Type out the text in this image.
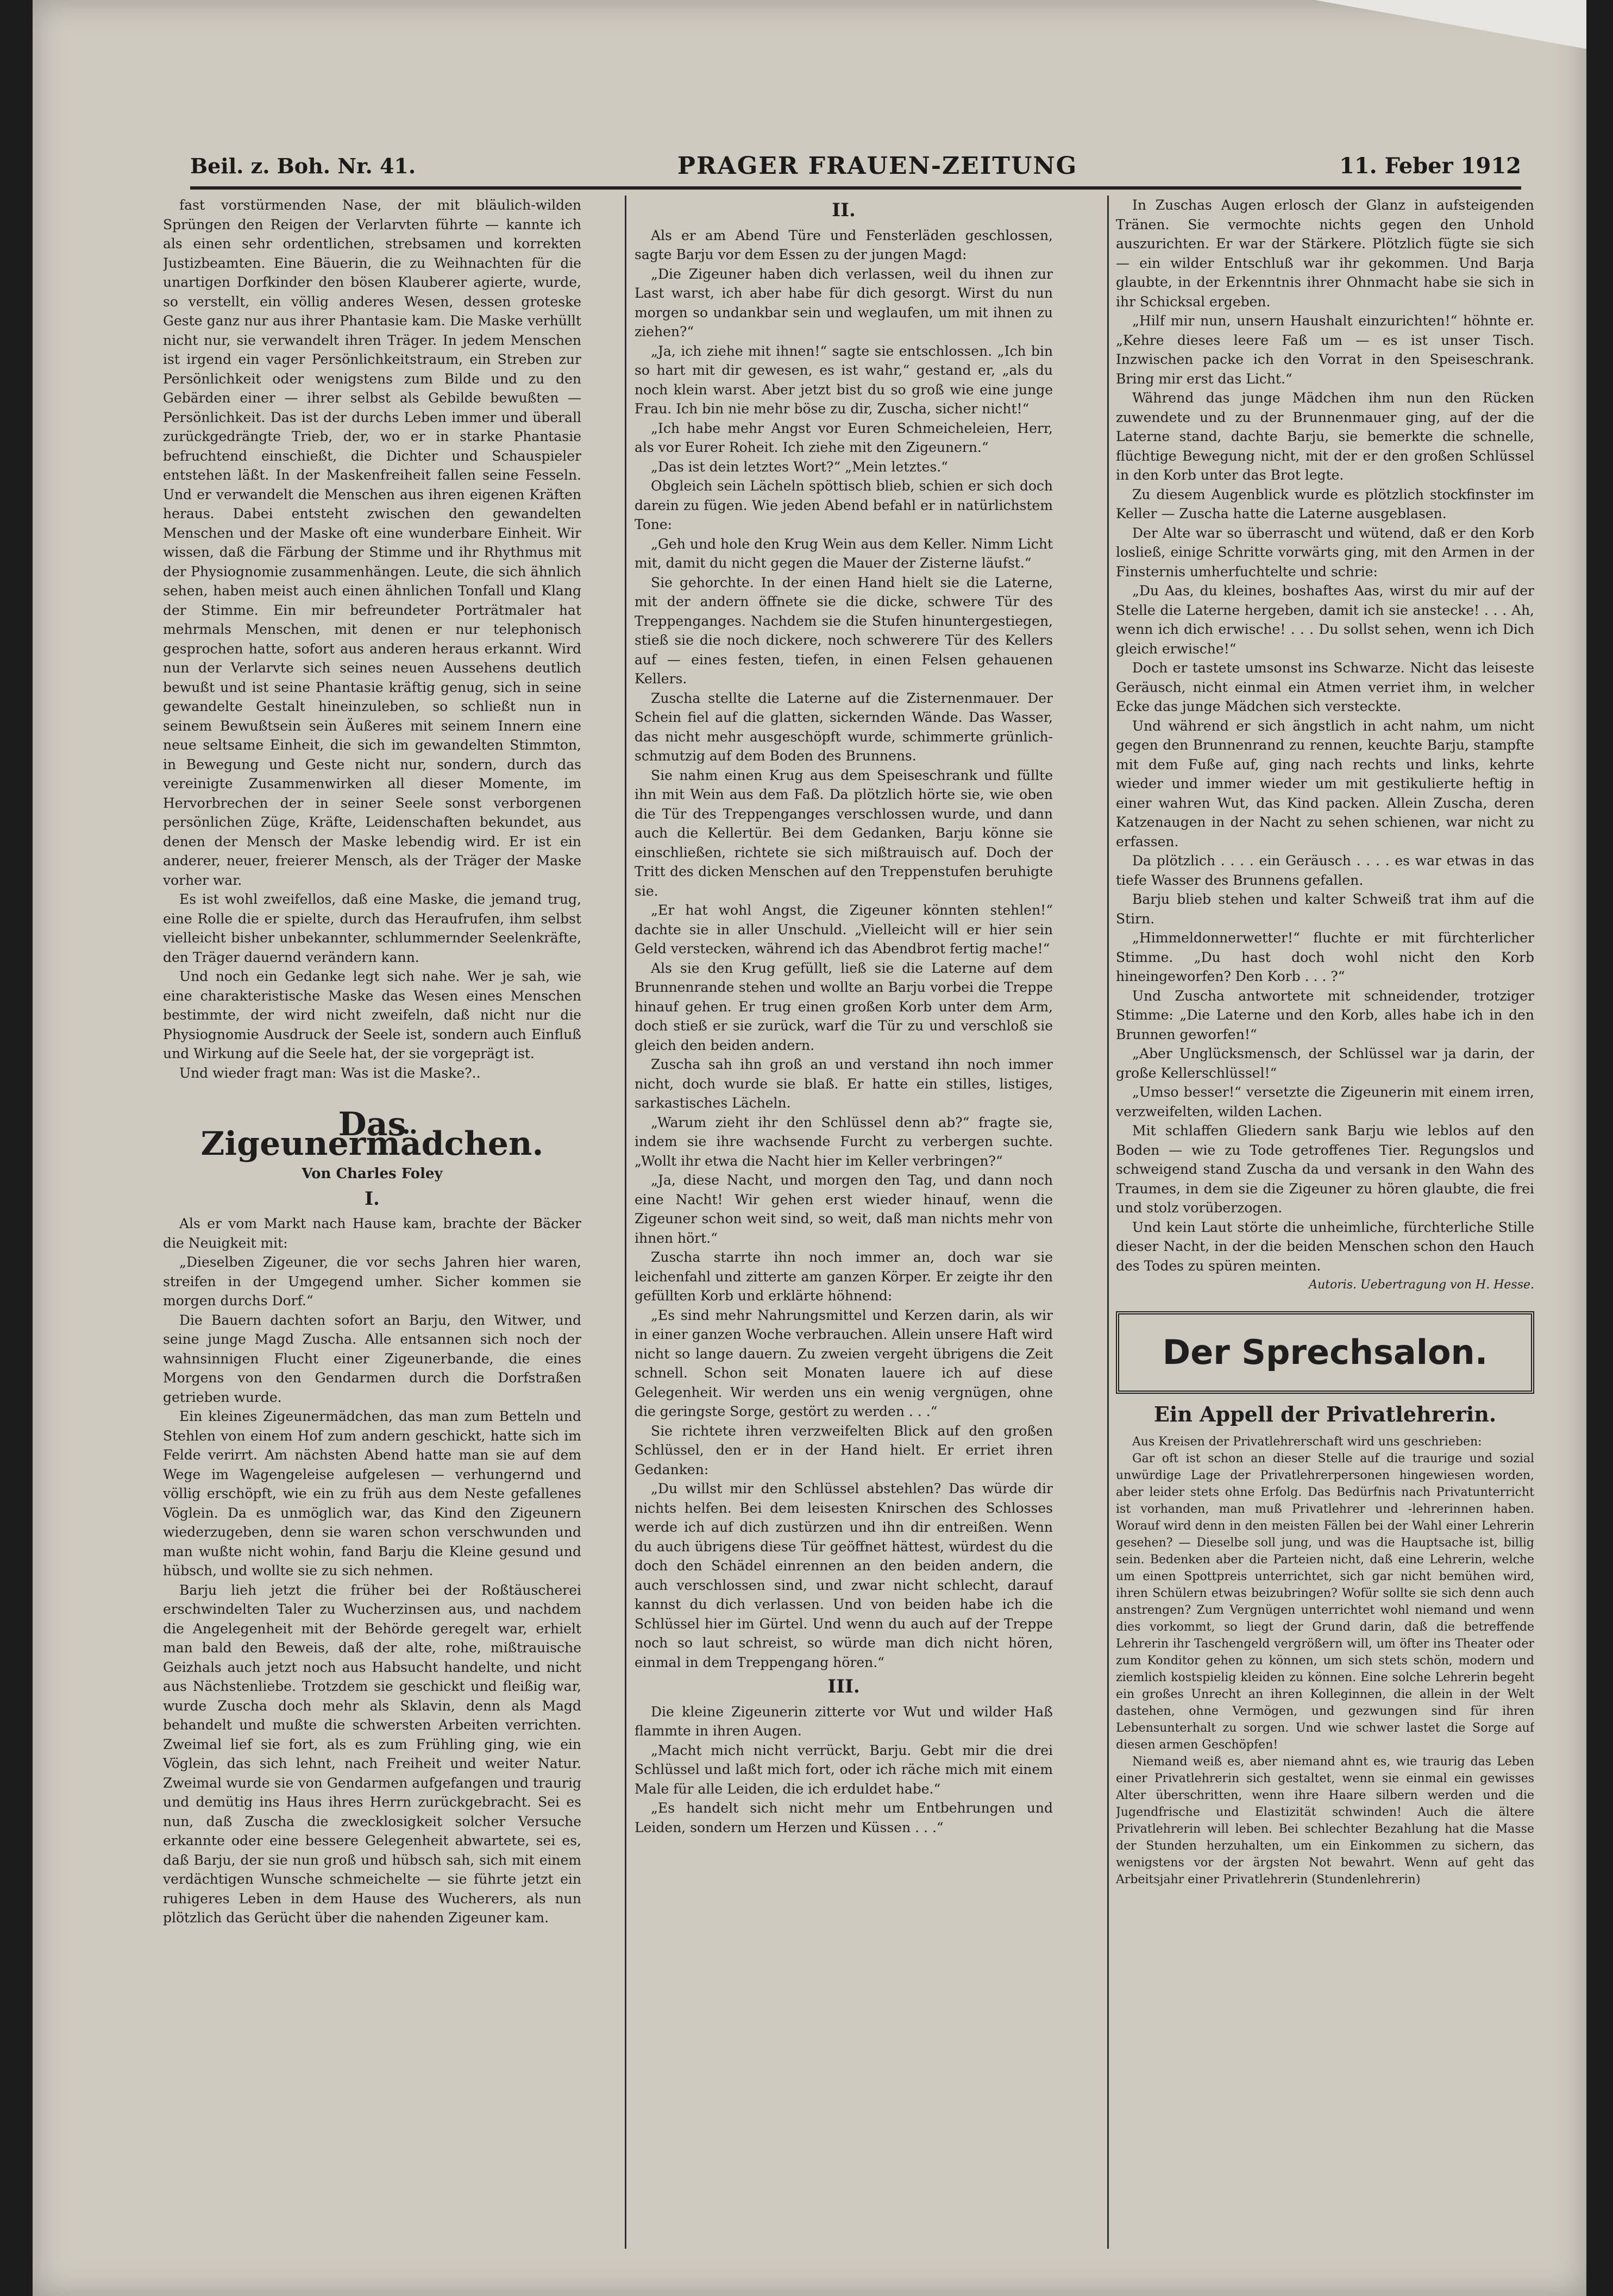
Beil. z. Boh. Nr. 41.	PRAGER FRAUEN-ZEITUNG	11. Feber 1912

fast vorstürmenden Nase, der mit bläulich-wilden Sprüngen den Reigen der Verlarvten führte — kannte ich als einen sehr ordentlichen, strebsamen und korrekten Justizbeamten. Eine Bäuerin, die zu Weihnachten für die unartigen Dorfkinder den bösen Klauberer agierte, wurde, so verstellt, ein völlig anderes Wesen, dessen groteske Geste ganz nur aus ihrer Phantasie kam. Die Maske verhüllt nicht nur, sie verwandelt ihren Träger. In jedem Menschen ist irgend ein vager Persönlichkeitstraum, ein Streben zur Persönlichkeit oder wenigstens zum Bilde und zu den Gebärden einer — ihrer selbst als Gebilde bewußten — Persönlichkeit. Das ist der durchs Leben immer und überall zurückgedrängte Trieb, der, wo er in starke Phantasie befruchtend einschießt, die Dichter und Schauspieler entstehen läßt. In der Maskenfreiheit fallen seine Fesseln. Und er verwandelt die Menschen aus ihren eigenen Kräften heraus. Dabei entsteht zwischen den gewandelten Menschen und der Maske oft eine wunderbare Einheit. Wir wissen, daß die Färbung der Stimme und ihr Rhythmus mit der Physiognomie zusammenhängen. Leute, die sich ähnlich sehen, haben meist auch einen ähnlichen Tonfall und Klang der Stimme. Ein mir befreundeter Porträtmaler hat mehrmals Menschen, mit denen er nur telephonisch gesprochen hatte, sofort aus anderen heraus erkannt. Wird nun der Verlarvte sich seines neuen Aussehens deutlich bewußt und ist seine Phantasie kräftig genug, sich in seine gewandelte Gestalt hineinzuleben, so schließt nun in seinem Bewußtsein sein Äußeres mit seinem Innern eine neue seltsame Einheit, die sich im gewandelten Stimmton, in Bewegung und Geste nicht nur, sondern, durch das vereinigte Zusammenwirken all dieser Momente, im Hervorbrechen der in seiner Seele sonst verborgenen persönlichen Züge, Kräfte, Leidenschaften bekundet, aus denen der Mensch der Maske lebendig wird. Er ist ein anderer, neuer, freierer Mensch, als der Träger der Maske vorher war.

Es ist wohl zweifellos, daß eine Maske, die jemand trug, eine Rolle die er spielte, durch das Heraufrufen, ihm selbst vielleicht bisher unbekannter, schlummernder Seelenkräfte, den Träger dauernd verändern kann.

Und noch ein Gedanke legt sich nahe. Wer je sah, wie eine charakteristische Maske das Wesen eines Menschen bestimmte, der wird nicht zweifeln, daß nicht nur die Physiognomie Ausdruck der Seele ist, sondern auch Einfluß und Wirkung auf die Seele hat, der sie vorgeprägt ist.

Und wieder fragt man: Was ist die Maske?..

Das Zigeunermädchen.
Von Charles Foley
I.

Als er vom Markt nach Hause kam, brachte der Bäcker die Neuigkeit mit:

„Dieselben Zigeuner, die vor sechs Jahren hier waren, streifen in der Umgegend umher. Sicher kommen sie morgen durchs Dorf.“

Die Bauern dachten sofort an Barju, den Witwer, und seine junge Magd Zuscha. Alle entsannen sich noch der wahnsinnigen Flucht einer Zigeunerbande, die eines Morgens von den Gendarmen durch die Dorfstraßen getrieben wurde.

Ein kleines Zigeunermädchen, das man zum Betteln und Stehlen von einem Hof zum andern geschickt, hatte sich im Felde verirrt. Am nächsten Abend hatte man sie auf dem Wege im Wagengeleise aufgelesen — verhungernd und völlig erschöpft, wie ein zu früh aus dem Neste gefallenes Vöglein. Da es unmöglich war, das Kind den Zigeunern wiederzugeben, denn sie waren schon verschwunden und man wußte nicht wohin, fand Barju die Kleine gesund und hübsch, und wollte sie zu sich nehmen.

Barju lieh jetzt die früher bei der Roßtäuscherei erschwindelten Taler zu Wucherzinsen aus, und nachdem die Angelegenheit mit der Behörde geregelt war, erhielt man bald den Beweis, daß der alte, rohe, mißtrauische Geizhals auch jetzt noch aus Habsucht handelte, und nicht aus Nächstenliebe. Trotzdem sie geschickt und fleißig war, wurde Zuscha doch mehr als Sklavin, denn als Magd behandelt und mußte die schwersten Arbeiten verrichten. Zweimal lief sie fort, als es zum Frühling ging, wie ein Vöglein, das sich lehnt, nach Freiheit und weiter Natur. Zweimal wurde sie von Gendarmen aufgefangen und traurig und demütig ins Haus ihres Herrn zurückgebracht. Sei es nun, daß Zuscha die zwecklosigkeit solcher Versuche erkannte oder eine bessere Gelegenheit abwartete, sei es, daß Barju, der sie nun groß und hübsch sah, sich mit einem verdächtigen Wunsche schmeichelte — sie führte jetzt ein ruhigeres Leben in dem Hause des Wucherers, als nun plötzlich das Gerücht über die nahenden Zigeuner kam.

II.

Als er am Abend Türe und Fensterläden geschlossen, sagte Barju vor dem Essen zu der jungen Magd:

„Die Zigeuner haben dich verlassen, weil du ihnen zur Last warst, ich aber habe für dich gesorgt. Wirst du nun morgen so undankbar sein und weglaufen, um mit ihnen zu ziehen?“

„Ja, ich ziehe mit ihnen!“ sagte sie entschlossen. „Ich bin so hart mit dir gewesen, es ist wahr,“ gestand er, „als du noch klein warst. Aber jetzt bist du so groß wie eine junge Frau. Ich bin nie mehr böse zu dir, Zuscha, sicher nicht!“

„Ich habe mehr Angst vor Euren Schmeicheleien, Herr, als vor Eurer Roheit. Ich ziehe mit den Zigeunern.“

„Das ist dein letztes Wort?“ „Mein letztes.“

Obgleich sein Lächeln spöttisch blieb, schien er sich doch darein zu fügen. Wie jeden Abend befahl er in natürlichstem Tone:

„Geh und hole den Krug Wein aus dem Keller. Nimm Licht mit, damit du nicht gegen die Mauer der Zisterne läufst.“

Sie gehorchte. In der einen Hand hielt sie die Laterne, mit der andern öffnete sie die dicke, schwere Tür des Treppenganges. Nachdem sie die Stufen hinuntergestiegen, stieß sie die noch dickere, noch schwerere Tür des Kellers auf — eines festen, tiefen, in einen Felsen gehauenen Kellers.

Zuscha stellte die Laterne auf die Zisternenmauer. Der Schein fiel auf die glatten, sickernden Wände. Das Wasser, das nicht mehr ausgeschöpft wurde, schimmerte grünlich-schmutzig auf dem Boden des Brunnens.

Sie nahm einen Krug aus dem Speiseschrank und füllte ihn mit Wein aus dem Faß. Da plötzlich hörte sie, wie oben die Tür des Treppenganges verschlossen wurde, und dann auch die Kellertür. Bei dem Gedanken, Barju könne sie einschließen, richtete sie sich mißtrauisch auf. Doch der Tritt des dicken Menschen auf den Treppenstufen beruhigte sie.

„Er hat wohl Angst, die Zigeuner könnten stehlen!“ dachte sie in aller Unschuld. „Vielleicht will er hier sein Geld verstecken, während ich das Abendbrot fertig mache!“

Als sie den Krug gefüllt, ließ sie die Laterne auf dem Brunnenrande stehen und wollte an Barju vorbei die Treppe hinauf gehen. Er trug einen großen Korb unter dem Arm, doch stieß er sie zurück, warf die Tür zu und verschloß sie gleich den beiden andern.

Zuscha sah ihn groß an und verstand ihn noch immer nicht, doch wurde sie blaß. Er hatte ein stilles, listiges, sarkastisches Lächeln.

„Warum zieht ihr den Schlüssel denn ab?“ fragte sie, indem sie ihre wachsende Furcht zu verbergen suchte. „Wollt ihr etwa die Nacht hier im Keller verbringen?“

„Ja, diese Nacht, und morgen den Tag, und dann noch eine Nacht! Wir gehen erst wieder hinauf, wenn die Zigeuner schon weit sind, so weit, daß man nichts mehr von ihnen hört.“

Zuscha starrte ihn noch immer an, doch war sie leichenfahl und zitterte am ganzen Körper. Er zeigte ihr den gefüllten Korb und erklärte höhnend:

„Es sind mehr Nahrungsmittel und Kerzen darin, als wir in einer ganzen Woche verbrauchen. Allein unsere Haft wird nicht so lange dauern. Zu zweien vergeht übrigens die Zeit schnell. Schon seit Monaten lauere ich auf diese Gelegenheit. Wir werden uns ein wenig vergnügen, ohne die geringste Sorge, gestört zu werden . . .“

Sie richtete ihren verzweifelten Blick auf den großen Schlüssel, den er in der Hand hielt. Er erriet ihren Gedanken:

„Du willst mir den Schlüssel abstehlen? Das würde dir nichts helfen. Bei dem leisesten Knirschen des Schlosses werde ich auf dich zustürzen und ihn dir entreißen. Wenn du auch übrigens diese Tür geöffnet hättest, würdest du die doch den Schädel einrennen an den beiden andern, die auch verschlossen sind, und zwar nicht schlecht, darauf kannst du dich verlassen. Und von beiden habe ich die Schlüssel hier im Gürtel. Und wenn du auch auf der Treppe noch so laut schreist, so würde man dich nicht hören, einmal in dem Treppengang hören.“

III.

Die kleine Zigeunerin zitterte vor Wut und wilder Haß flammte in ihren Augen.

„Macht mich nicht verrückt, Barju. Gebt mir die drei Schlüssel und laßt mich fort, oder ich räche mich mit einem Male für alle Leiden, die ich erduldet habe.“

„Es handelt sich nicht mehr um Entbehrungen und Leiden, sondern um Herzen und Küssen . . .“

In Zuschas Augen erlosch der Glanz in aufsteigenden Tränen. Sie vermochte nichts gegen den Unhold auszurichten. Er war der Stärkere. Plötzlich fügte sie sich — ein wilder Entschluß war ihr gekommen. Und Barja glaubte, in der Erkenntnis ihrer Ohnmacht habe sie sich in ihr Schicksal ergeben.

„Hilf mir nun, unsern Haushalt einzurichten!“ höhnte er. „Kehre dieses leere Faß um — es ist unser Tisch. Inzwischen packe ich den Vorrat in den Speiseschrank. Bring mir erst das Licht.“

Während das junge Mädchen ihm nun den Rücken zuwendete und zu der Brunnenmauer ging, auf der die Laterne stand, dachte Barju, sie bemerkte die schnelle, flüchtige Bewegung nicht, mit der er den großen Schlüssel in den Korb unter das Brot legte.

Zu diesem Augenblick wurde es plötzlich stockfinster im Keller — Zuscha hatte die Laterne ausgeblasen.

Der Alte war so überrascht und wütend, daß er den Korb losließ, einige Schritte vorwärts ging, mit den Armen in der Finsternis umherfuchtelte und schrie:

„Du Aas, du kleines, boshaftes Aas, wirst du mir auf der Stelle die Laterne hergeben, damit ich sie anstecke! . . . Ah, wenn ich dich erwische! . . . Du sollst sehen, wenn ich Dich gleich erwische!“

Doch er tastete umsonst ins Schwarze. Nicht das leiseste Geräusch, nicht einmal ein Atmen verriet ihm, in welcher Ecke das junge Mädchen sich versteckte.

Und während er sich ängstlich in acht nahm, um nicht gegen den Brunnenrand zu rennen, keuchte Barju, stampfte mit dem Fuße auf, ging nach rechts und links, kehrte wieder und immer wieder um mit gestikulierte heftig in einer wahren Wut, das Kind packen. Allein Zuscha, deren Katzenaugen in der Nacht zu sehen schienen, war nicht zu erfassen.

Da plötzlich . . . . ein Geräusch . . . . es war etwas in das tiefe Wasser des Brunnens gefallen.

Barju blieb stehen und kalter Schweiß trat ihm auf die Stirn.

„Himmeldonnerwetter!“ fluchte er mit fürchterlicher Stimme. „Du hast doch wohl nicht den Korb hineingeworfen? Den Korb . . . ?“

Und Zuscha antwortete mit schneidender, trotziger Stimme: „Die Laterne und den Korb, alles habe ich in den Brunnen geworfen!“

„Aber Unglücksmensch, der Schlüssel war ja darin, der große Kellerschlüssel!“

„Umso besser!“ versetzte die Zigeunerin mit einem irren, verzweifelten, wilden Lachen.

Mit schlaffen Gliedern sank Barju wie leblos auf den Boden — wie zu Tode getroffenes Tier. Regungslos und schweigend stand Zuscha da und versank in den Wahn des Traumes, in dem sie die Zigeuner zu hören glaubte, die frei und stolz vorüberzogen.

Und kein Laut störte die unheimliche, fürchterliche Stille dieser Nacht, in der die beiden Menschen schon den Hauch des Todes zu spüren meinten.

Autoris. Uebertragung von H. Hesse.

Der Sprechsalon.
Ein Appell der Privatlehrerin.

Aus Kreisen der Privatlehrerschaft wird uns geschrieben:

Gar oft ist schon an dieser Stelle auf die traurige und sozial unwürdige Lage der Privatlehrerpersonen hingewiesen worden, aber leider stets ohne Erfolg. Das Bedürfnis nach Privatunterricht ist vorhanden, man muß Privatlehrer und -lehrerinnen haben. Worauf wird denn in den meisten Fällen bei der Wahl einer Lehrerin gesehen? — Dieselbe soll jung, und was die Hauptsache ist, billig sein. Bedenken aber die Parteien nicht, daß eine Lehrerin, welche um einen Spottpreis unterrichtet, sich gar nicht bemühen wird, ihren Schülern etwas beizubringen? Wofür sollte sie sich denn auch anstrengen? Zum Vergnügen unterrichtet wohl niemand und wenn dies vorkommt, so liegt der Grund darin, daß die betreffende Lehrerin ihr Taschengeld vergrößern will, um öfter ins Theater oder zum Konditor gehen zu können, um sich stets schön, modern und ziemlich kostspielig kleiden zu können. Eine solche Lehrerin begeht ein großes Unrecht an ihren Kolleginnen, die allein in der Welt dastehen, ohne Vermögen, und gezwungen sind für ihren Lebensunterhalt zu sorgen. Und wie schwer lastet die Sorge auf diesen armen Geschöpfen!

Niemand weiß es, aber niemand ahnt es, wie traurig das Leben einer Privatlehrerin sich gestaltet, wenn sie einmal ein gewisses Alter überschritten, wenn ihre Haare silbern werden und die Jugendfrische und Elastizität schwinden! Auch die ältere Privatlehrerin will leben. Bei schlechter Bezahlung hat die Masse der Stunden herzuhalten, um ein Einkommen zu sichern, das wenigstens vor der ärgsten Not bewahrt. Wenn auf geht das Arbeitsjahr einer Privatlehrerin (Stundenlehrerin)
